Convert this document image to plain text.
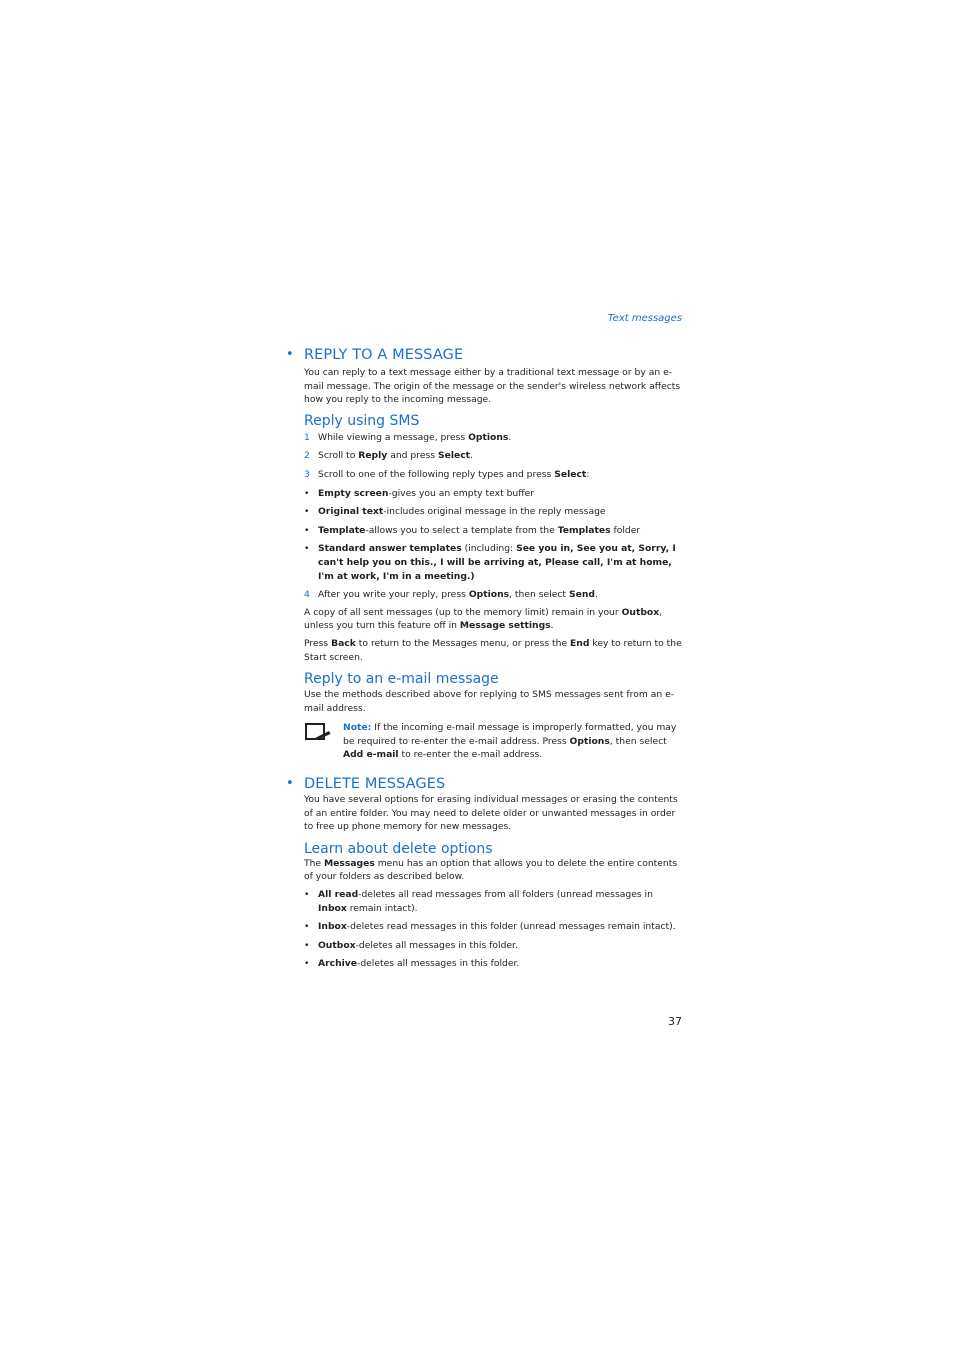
Text messages
• REPLY TO A MESSAGE

You can reply to a text message either by a traditional text message or by an e-mail message. The origin of the message or the sender's wireless network affects how you reply to the incoming message.

Reply using SMS
1 While viewing a message, press Options.
2 Scroll to Reply and press Select.
3 Scroll to one of the following reply types and press Select:
• Empty screen-gives you an empty text buffer
• Original text-includes original message in the reply message
• Template-allows you to select a template from the Templates folder
• Standard answer templates (including: See you in, See you at, Sorry, I can't help you on this., I will be arriving at, Please call, I'm at home, I'm at work, I'm in a meeting.)
4 After you write your reply, press Options, then select Send.

A copy of all sent messages (up to the memory limit) remain in your Outbox, unless you turn this feature off in Message settings.

Press Back to return to the Messages menu, or press the End key to return to the Start screen.

Reply to an e-mail message

Use the methods described above for replying to SMS messages sent from an e-mail address.

Note: If the incoming e-mail message is improperly formatted, you may be required to re-enter the e-mail address. Press Options, then select Add e-mail to re-enter the e-mail address.

• DELETE MESSAGES

You have several options for erasing individual messages or erasing the contents of an entire folder. You may need to delete older or unwanted messages in order to free up phone memory for new messages.

Learn about delete options

The Messages menu has an option that allows you to delete the entire contents of your folders as described below.

• All read-deletes all read messages from all folders (unread messages in Inbox remain intact).
• Inbox-deletes read messages in this folder (unread messages remain intact).
• Outbox-deletes all messages in this folder.
• Archive-deletes all messages in this folder.
37
